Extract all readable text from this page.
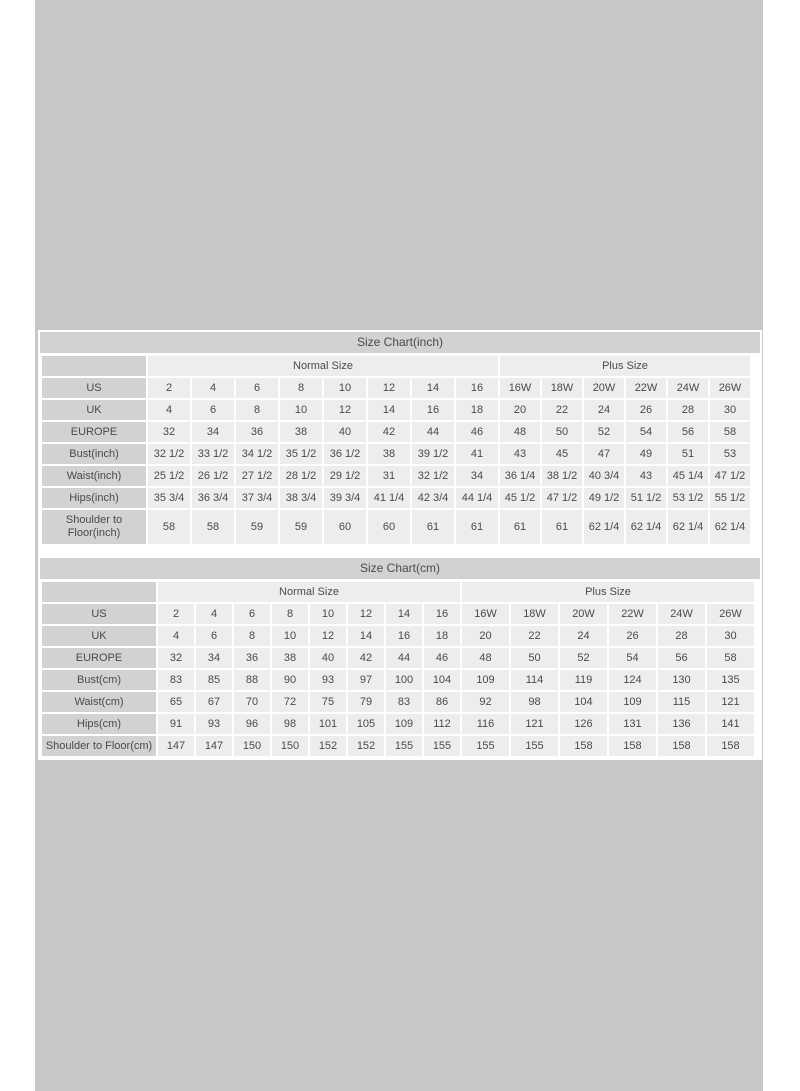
Size Chart(inch)
	Normal Size								Plus Size					
US	2	4	6	8	10	12	14	16	16W	18W	20W	22W	24W	26W
UK	4	6	8	10	12	14	16	18	20	22	24	26	28	30
EUROPE	32	34	36	38	40	42	44	46	48	50	52	54	56	58
Bust(inch)	32 1/2	33 1/2	34 1/2	35 1/2	36 1/2	38	39 1/2	41	43	45	47	49	51	53
Waist(inch)	25 1/2	26 1/2	27 1/2	28 1/2	29 1/2	31	32 1/2	34	36 1/4	38 1/2	40 3/4	43	45 1/4	47 1/2
Hips(inch)	35 3/4	36 3/4	37 3/4	38 3/4	39 3/4	41 1/4	42 3/4	44 1/4	45 1/2	47 1/2	49 1/2	51 1/2	53 1/2	55 1/2
Shoulder to Floor(inch)	58	58	59	59	60	60	61	61	61	61	62 1/4	62 1/4	62 1/4	62 1/4
Size Chart(cm)
	Normal Size								Plus Size					
US	2	4	6	8	10	12	14	16	16W	18W	20W	22W	24W	26W
UK	4	6	8	10	12	14	16	18	20	22	24	26	28	30
EUROPE	32	34	36	38	40	42	44	46	48	50	52	54	56	58
Bust(cm)	83	85	88	90	93	97	100	104	109	114	119	124	130	135
Waist(cm)	65	67	70	72	75	79	83	86	92	98	104	109	115	121
Hips(cm)	91	93	96	98	101	105	109	112	116	121	126	131	136	141
Shoulder to Floor(cm)	147	147	150	150	152	152	155	155	155	155	158	158	158	158
